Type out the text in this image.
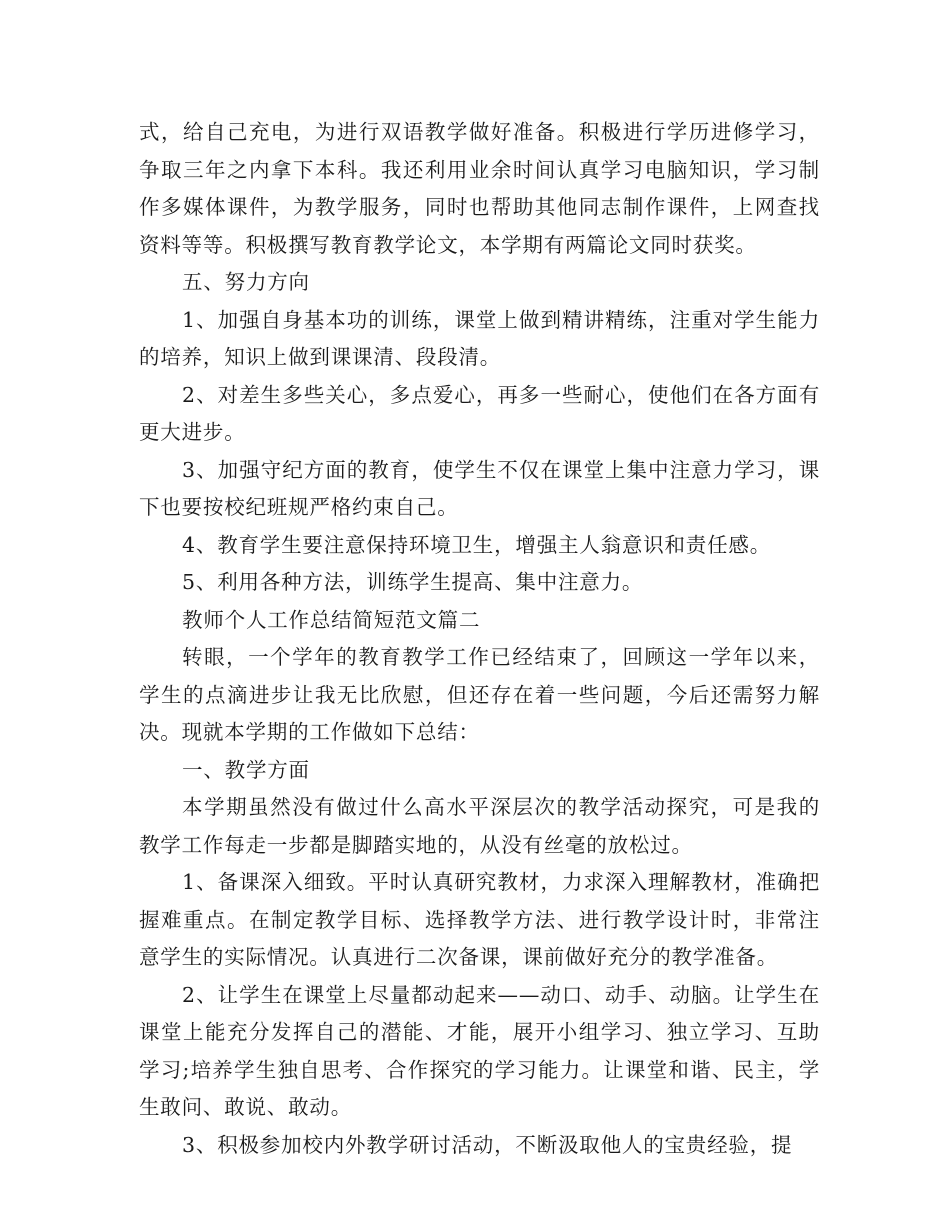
式，给自己充电，为进行双语教学做好准备。积极进行学历进修学习，争取三年之内拿下本科。我还利用业余时间认真学习电脑知识，学习制作多媒体课件，为教学服务，同时也帮助其他同志制作课件，上网查找资料等等。积极撰写教育教学论文，本学期有两篇论文同时获奖。

五、努力方向

1、加强自身基本功的训练，课堂上做到精讲精练，注重对学生能力的培养，知识上做到课课清、段段清。

2、对差生多些关心，多点爱心，再多一些耐心，使他们在各方面有更大进步。

3、加强守纪方面的教育，使学生不仅在课堂上集中注意力学习，课下也要按校纪班规严格约束自己。

4、教育学生要注意保持环境卫生，增强主人翁意识和责任感。

5、利用各种方法，训练学生提高、集中注意力。

教师个人工作总结简短范文篇二

转眼，一个学年的教育教学工作已经结束了，回顾这一学年以来，学生的点滴进步让我无比欣慰，但还存在着一些问题，今后还需努力解决。现就本学期的工作做如下总结：

一、教学方面

本学期虽然没有做过什么高水平深层次的教学活动探究，可是我的教学工作每走一步都是脚踏实地的，从没有丝毫的放松过。

1、备课深入细致。平时认真研究教材，力求深入理解教材，准确把握难重点。在制定教学目标、选择教学方法、进行教学设计时，非常注意学生的实际情况。认真进行二次备课，课前做好充分的教学准备。

2、让学生在课堂上尽量都动起来——动口、动手、动脑。让学生在课堂上能充分发挥自己的潜能、才能，展开小组学习、独立学习、互助学习;培养学生独自思考、合作探究的学习能力。让课堂和谐、民主，学生敢问、敢说、敢动。

3、积极参加校内外教学研讨活动，不断汲取他人的宝贵经验，提
